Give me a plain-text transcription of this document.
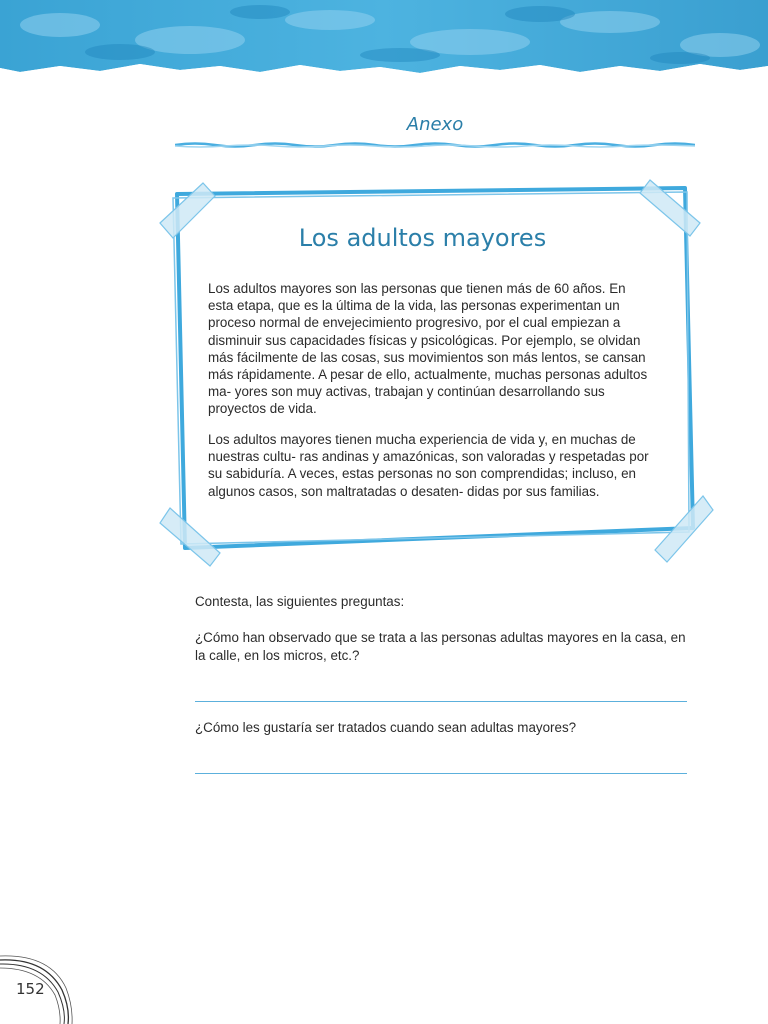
Anexo
Los adultos mayores
Los adultos mayores son las personas que tienen más de 60 años. En esta etapa, que es la última de la vida, las personas experimentan un proceso normal de envejecimiento progresivo, por el cual empiezan a disminuir sus capacidades físicas y psicológicas. Por ejemplo, se olvidan más fácilmente de las cosas, sus movimientos son más lentos, se cansan más rápidamente. A pesar de ello, actualmente, muchas personas adultos ma- yores son muy activas, trabajan y continúan desarrollando sus proyectos de vida.
Los adultos mayores tienen mucha experiencia de vida y, en muchas de nuestras cultu- ras andinas y amazónicas, son valoradas y respetadas por su sabiduría. A veces, estas personas no son comprendidas; incluso, en algunos casos, son maltratadas o desaten- didas por sus familias.
Contesta, las siguientes preguntas:
¿Cómo han observado que se trata a las personas adultas mayores en la casa, en la calle, en los micros, etc.?
¿Cómo les gustaría ser tratados cuando sean adultas mayores?
152
